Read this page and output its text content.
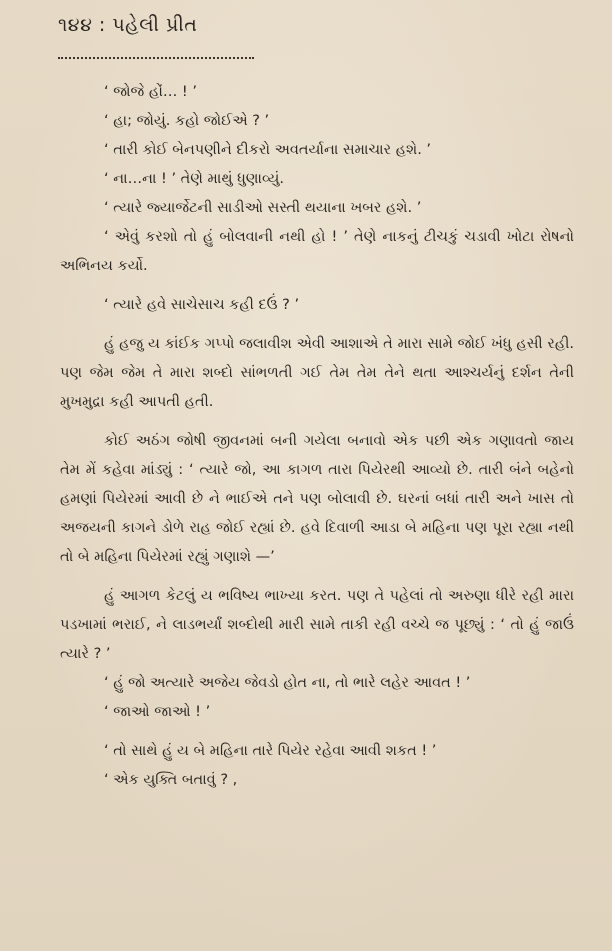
૧૪૪ : પહેલી પ્રીત

‘ જોજે હોં… ! ’

‘ હા; જોયું. કહો જોઈએ ? ’

‘ તારી કોઈ બેનપણીને દીકરો અવતર્યાના સમાચાર હશે. ’

‘ ના…ના ! ’ તેણે માથું ધુણાવ્યું.

‘ ત્યારે જ્યાર્જેટની સાડીઓ સસ્તી થયાના ખબર હશે. ’

‘ એવું કરશો તો હું બોલવાની નથી હો ! ’ તેણે નાકનું ટીચકું ચડાવી ખોટા રોષનો અભિનય કર્યો.

‘ ત્યારે હવે સાચેસાચ કહી દઉં ? ’

હું હજુ ય કાંઈક ગપ્પો જલાવીશ એવી આશાએ તે મારા સામે જોઈ ખંધુ હસી રહી. પણ જેમ જેમ તે મારા શબ્દો સાંભળતી ગઈ તેમ તેમ તેને થતા આશ્ચર્યનું દર્શન તેની મુખમુદ્રા કહી આપતી હતી.

કોઈ અઠંગ જોષી જીવનમાં બની ગયેલા બનાવો એક પછી એક ગણાવતો જાય તેમ મેં કહેવા માંડ્યું : ‘ ત્યારે જો, આ કાગળ તારા પિયેરથી આવ્યો છે. તારી બંને બહેનો હમણાં પિયેરમાં આવી છે ને ભાઈએ તને પણ બોલાવી છે. ઘરનાં બધાં તારી અને ખાસ તો અજયની કાગને ડોળે રાહ જોઈ રહ્યાં છે. હવે દિવાળી આડા બે મહિના પણ પૂરા રહ્યા નથી તો બે મહિના પિયેરમાં રહ્યું ગણાશે —’

હું આગળ કેટલું ય ભવિષ્ય ભાખ્યા કરત. પણ તે પહેલાં તો અરુણા ધીરે રહી મારા પડખામાં ભરાઈ, ને લાડભર્યાં શબ્દોથી મારી સામે તાકી રહી વચ્ચે જ પૂછ્યું : ‘ તો હું જાઉં ત્યારે ? ’

‘ હું જો અત્યારે અજેય જેવડો હોત ના, તો ભારે લહેર આવત ! ’

‘ જાઓ જાઓ ! ’

‘ તો સાથે હું ય બે મહિના તારે પિયેર રહેવા આવી શકત ! ’

‘ એક યુક્તિ બતાવું ? ,
